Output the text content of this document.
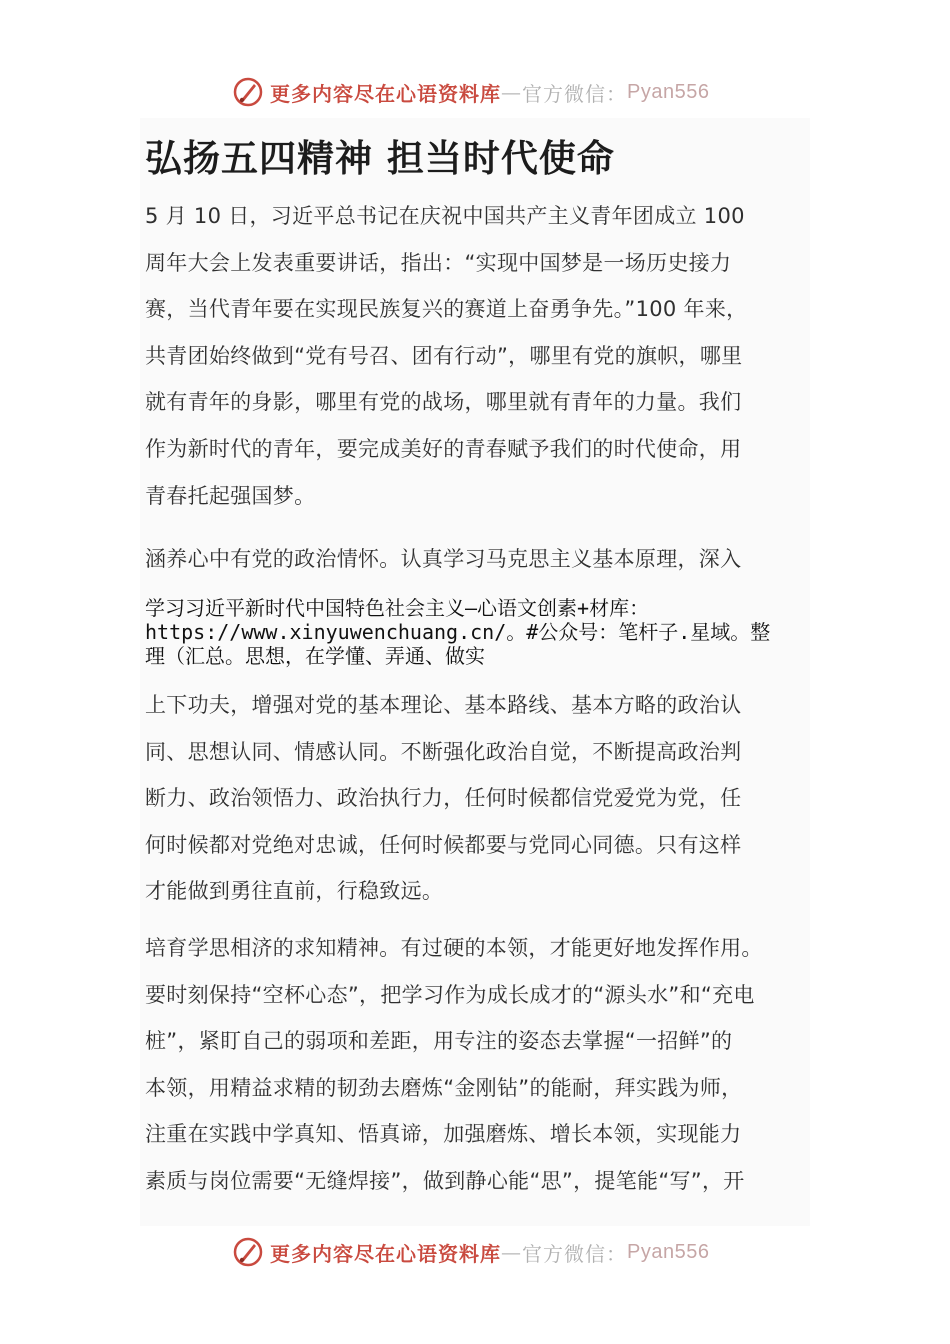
更多内容尽在心语资料库 — 官方微信： Pyan556
弘扬五四精神 担当时代使命

5 月 10 日，习近平总书记在庆祝中国共产主义青年团成立 100
周年大会上发表重要讲话，指出：“实现中国梦是一场历史接力
赛，当代青年要在实现民族复兴的赛道上奋勇争先。”100 年来，
共青团始终做到“党有号召、团有行动”，哪里有党的旗帜，哪里
就有青年的身影，哪里有党的战场，哪里就有青年的力量。我们
作为新时代的青年，要完成美好的青春赋予我们的时代使命，用
青春托起强国梦。

涵养心中有党的政治情怀。认真学习马克思主义基本原理，深入

学习习近平新时代中国特色社会主义—心语文创素+材库：
https://www.xinyuwenchuang.cn/。#公众号：笔杆子.星域。整
理（汇总。思想，在学懂、弄通、做实

上下功夫，增强对党的基本理论、基本路线、基本方略的政治认
同、思想认同、情感认同。不断强化政治自觉，不断提高政治判
断力、政治领悟力、政治执行力，任何时候都信党爱党为党，任
何时候都对党绝对忠诚，任何时候都要与党同心同德。只有这样
才能做到勇往直前，行稳致远。

培育学思相济的求知精神。有过硬的本领，才能更好地发挥作用。
要时刻保持“空杯心态”，把学习作为成长成才的“源头水”和“充电
桩”，紧盯自己的弱项和差距，用专注的姿态去掌握“一招鲜”的
本领，用精益求精的韧劲去磨炼“金刚钻”的能耐，拜实践为师，
注重在实践中学真知、悟真谛，加强磨炼、增长本领，实现能力
素质与岗位需要“无缝焊接”，做到静心能“思”，提笔能“写”，开

更多内容尽在心语资料库 — 官方微信： Pyan556
